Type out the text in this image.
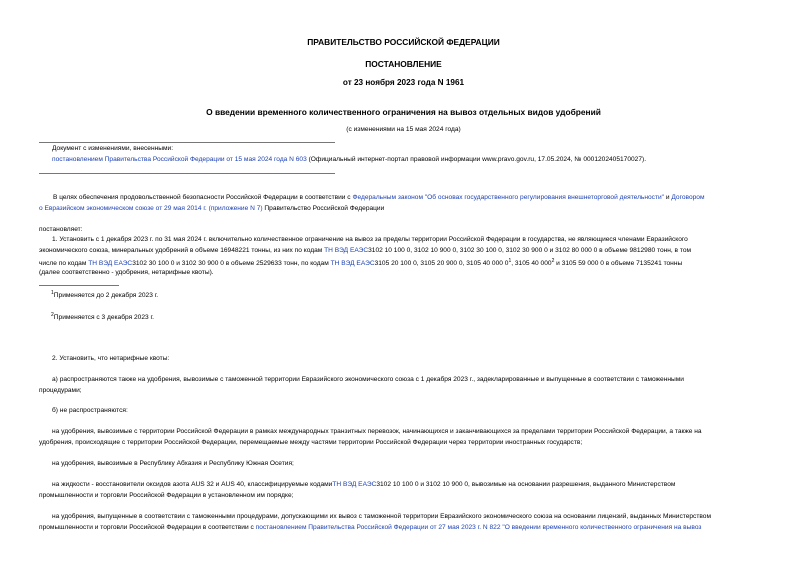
ПРАВИТЕЛЬСТВО РОССИЙСКОЙ ФЕДЕРАЦИИ
ПОСТАНОВЛЕНИЕ
от 23 ноября 2023 года N 1961
О введении временного количественного ограничения на вывоз отдельных видов удобрений
(с изменениями на 15 мая 2024 года)
Документ с изменениями, внесенными:
постановлением Правительства Российской Федерации от 15 мая 2024 года N 603 (Официальный интернет-портал правовой информации www.pravo.gov.ru, 17.05.2024, № 0001202405170027).
В целях обеспечения продовольственной безопасности Российской Федерации в соответствии с Федеральным законом "Об основах государственного регулирования внешнеторговой деятельности" и Договором
о Евразийском экономическом союзе от 29 мая 2014 г. (приложение N 7) Правительство Российской Федерации
постановляет:
1. Установить с 1 декабря 2023 г. по 31 мая 2024 г. включительно количественное ограничение на вывоз за пределы территории Российской Федерации в государства, не являющиеся членами Евразийского
экономического союза, минеральных удобрений в объеме 16948221 тонны, из них по кодам ТН ВЭД ЕАЭС3102 10 100 0, 3102 10 900 0, 3102 30 100 0, 3102 30 900 0 и 3102 80 000 0 в объеме 9812980 тонн, в том
числе по кодам ТН ВЭД ЕАЭС3102 30 100 0 и 3102 30 900 0 в объеме 2529633 тонн, по кодам ТН ВЭД ЕАЭС3105 20 100 0, 3105 20 900 0, 3105 40 000 $0^1$, 3105 40 $000^2$ и 3105 59 000 0 в объеме 7135241 тонны
(далее соответственно - удобрения, нетарифные квоты).
$^1$Применяется до 2 декабря 2023 г.
$^2$Применяется с 3 декабря 2023 г.
2. Установить, что нетарифные квоты:
а) распространяются также на удобрения, вывозимые с таможенной территории Евразийского экономического союза с 1 декабря 2023 г., задекларированные и выпущенные в соответствии с таможенными
процедурами;
б) не распространяются:
на удобрения, вывозимые с территории Российской Федерации в рамках международных транзитных перевозок, начинающихся и заканчивающихся за пределами территории Российской Федерации, а также на
удобрения, происходящие с территории Российской Федерации, перемещаемые между частями территории Российской Федерации через территории иностранных государств;
на удобрения, вывозимые в Республику Абхазия и Республику Южная Осетия;
на жидкости - восстановители оксидов азота AUS 32 и AUS 40, классифицируемые кодамиТН ВЭД ЕАЭС3102 10 100 0 и 3102 10 900 0, вывозимые на основании разрешения, выданного Министерством
промышленности и торговли Российской Федерации в установленном им порядке;
на удобрения, выпущенные в соответствии с таможенными процедурами, допускающими их вывоз с таможенной территории Евразийского экономического союза на основании лицензий, выданных Министерством
промышленности и торговли Российской Федерации в соответствии с постановлением Правительства Российской Федерации от 27 мая 2023 г. N 822 "О введении временного количественного ограничения на вывоз
